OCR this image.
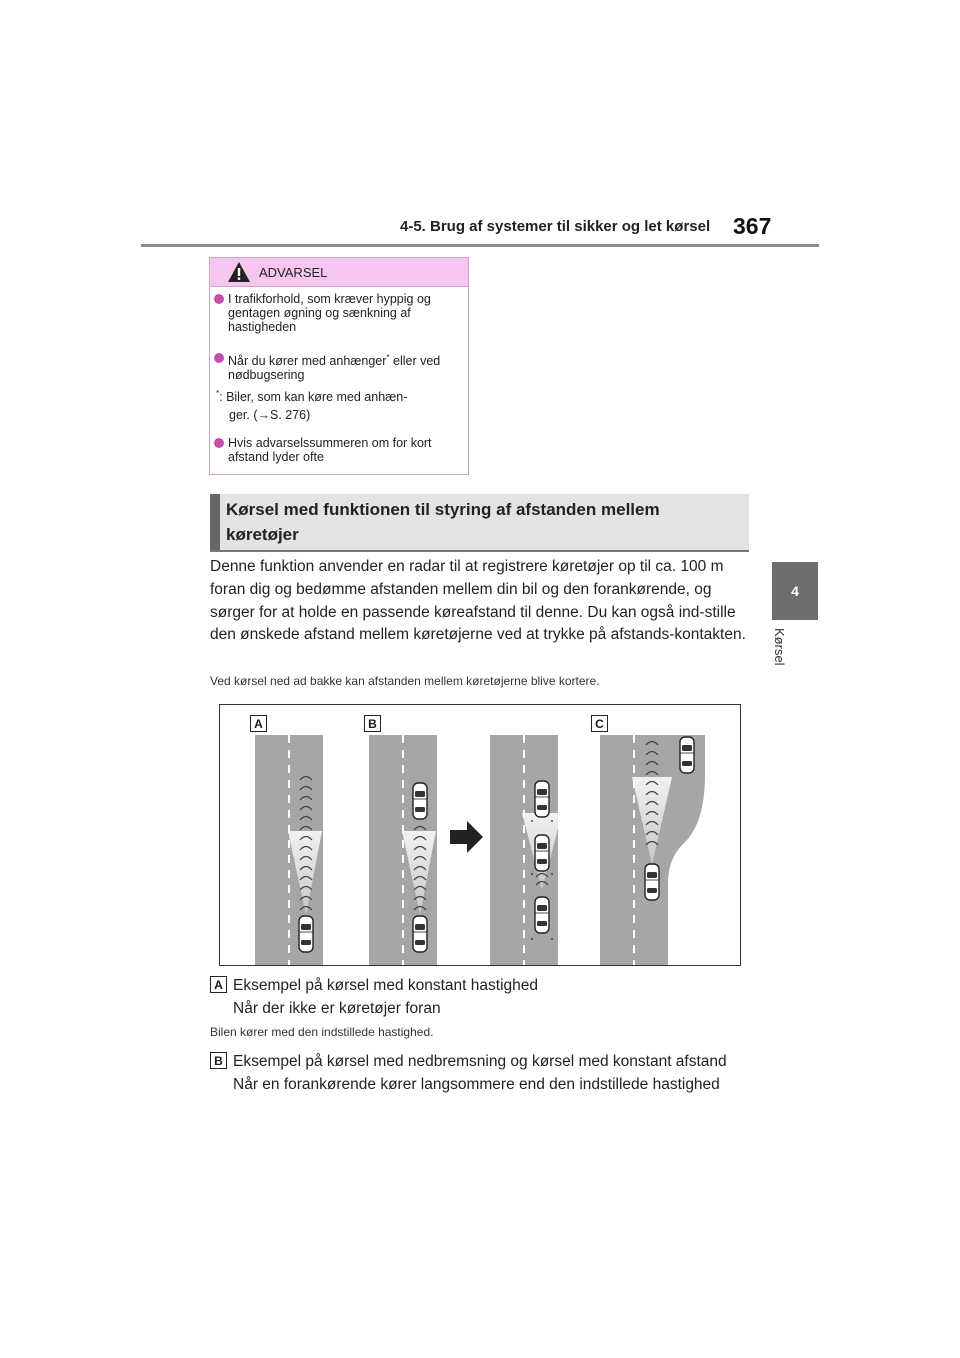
4-5. Brug af systemer til sikker og let kørsel 367
4
Kørsel
ADVARSEL
I trafikforhold, som kræver hyppig og gentagen øgning og sænkning af hastigheden
Når du kører med anhænger* eller ved nødbugsering
*: Biler, som kan køre med anhæn-
ger. (→S. 276)
Hvis advarselssummeren om for kort afstand lyder ofte
Kørsel med funktionen til styring af afstanden mellem køretøjer
Denne funktion anvender en radar til at registrere køretøjer op til ca. 100 m foran dig og bedømme afstanden mellem din bil og den forankørende, og sørger for at holde en passende køreafstand til denne. Du kan også ind-stille den ønskede afstand mellem køretøjerne ved at trykke på afstands-kontakten.
Ved kørsel ned ad bakke kan afstanden mellem køretøjerne blive kortere.
A	B	C
A Eksempel på kørsel med konstant hastighed
Når der ikke er køretøjer foran
Bilen kører med den indstillede hastighed.
B Eksempel på kørsel med nedbremsning og kørsel med konstant afstand
Når en forankørende kører langsommere end den indstillede hastighed
